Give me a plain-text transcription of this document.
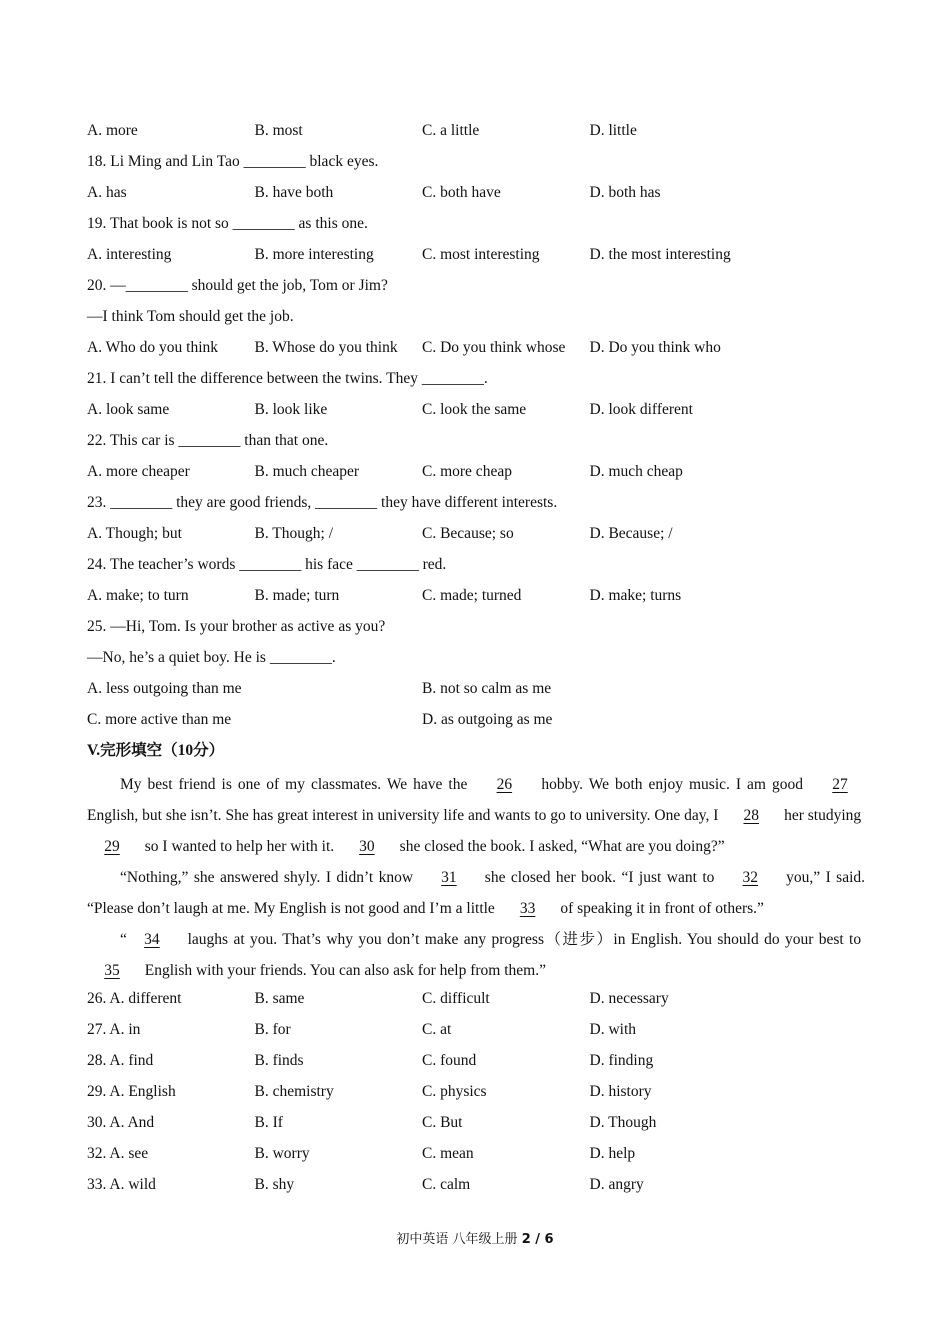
A. more	B. most	C. a little	D. little
18. Li Ming and Lin Tao ________ black eyes.
A. has	B. have both	C. both have	D. both has
19. That book is not so ________ as this one.
A. interesting	B. more interesting	C. most interesting	D. the most interesting
20. —________ should get the job, Tom or Jim?
—I think Tom should get the job.
A. Who do you think	B. Whose do you think	C. Do you think whose	D. Do you think who
21. I can’t tell the difference between the twins. They ________.
A. look same	B. look like	C. look the same	D. look different
22. This car is ________ than that one.
A. more cheaper	B. much cheaper	C. more cheap	D. much cheap
23. ________ they are good friends, ________ they have different interests.
A. Though; but	B. Though; /	C. Because; so	D. Because; /
24. The teacher’s words ________ his face ________ red.
A. make; to turn	B. made; turn	C. made; turned	D. make; turns
25. —Hi, Tom. Is your brother as active as you?
—No, he’s a quiet boy. He is ________.
A. less outgoing than me	B. not so calm as me
C. more active than me	D. as outgoing as me
V.完形填空（10分）
My best friend is one of my classmates. We have the 26 hobby. We both enjoy music. I am good 27 English, but she isn’t. She has great interest in university life and wants to go to university. One day, I 28 her studying  29 so I wanted to help her with it. 30 she closed the book. I asked, “What are you doing?”
“Nothing,” she answered shyly. I didn’t know 31 she closed her book. “I just want to 32 you,” I said. “Please don’t laugh at me. My English is not good and I’m a little 33 of speaking it in front of others.”
“ 34 laughs at you. That’s why you don’t make any progress（进步）in English. You should do your best to  35 English with your friends. You can also ask for help from them.”
26. A. different	B. same	C. difficult	D. necessary
27. A. in	B. for	C. at	D. with
28. A. find	B. finds	C. found	D. finding
29. A. English	B. chemistry	C. physics	D. history
30. A. And	B. If	C. But	D. Though
32. A. see	B. worry	C. mean	D. help
33. A. wild	B. shy	C. calm	D. angry
初中英语 八年级上册 2 / 6
